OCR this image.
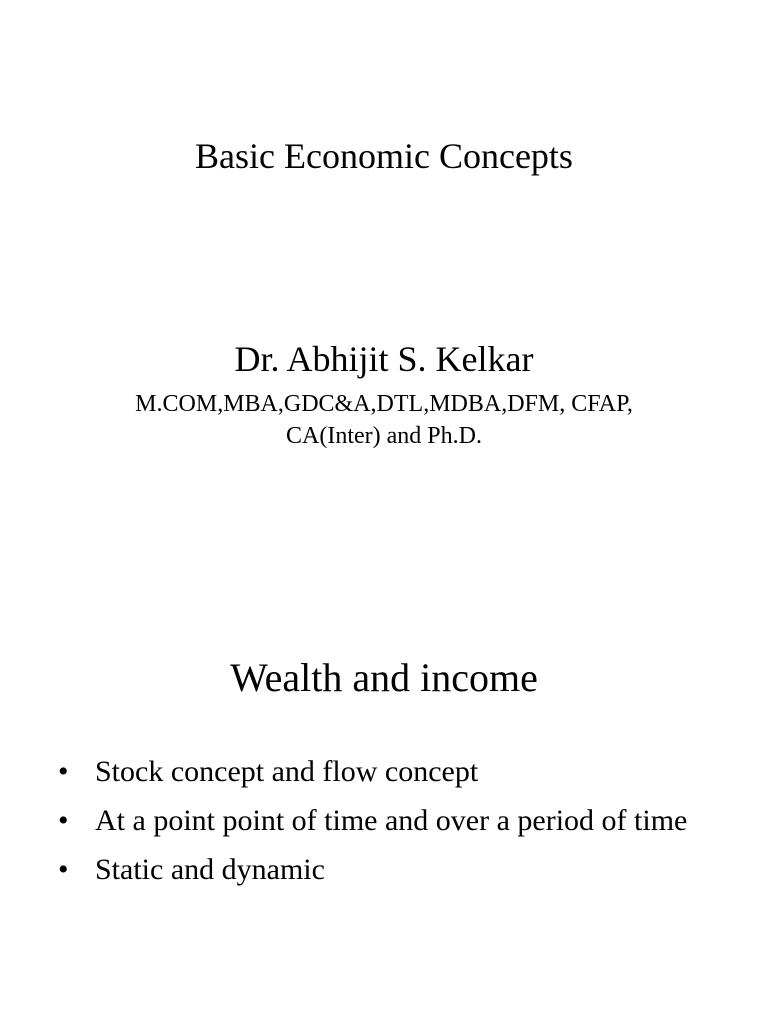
Basic Economic Concepts
Dr. Abhijit S. Kelkar
M.COM,MBA,GDC&A,DTL,MDBA,DFM, CFAP,
CA(Inter) and Ph.D.
Wealth and income
• Stock concept and flow concept
• At a point point of time and over a period of time
• Static and dynamic
